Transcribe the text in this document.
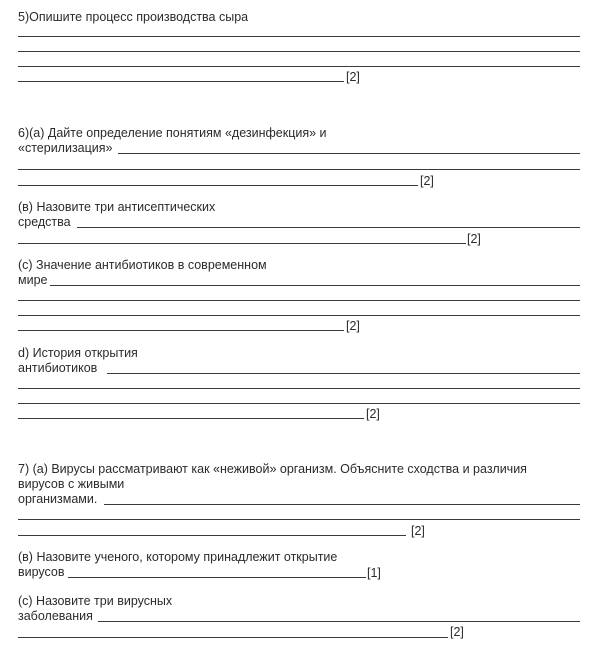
5)Опишите процесс производства сыра
[2]
6)(а) Дайте определение понятиям «дезинфекция» и
«стерилизация»
[2]
(в) Назовите три антисептических
средства
[2]
(с) Значение антибиотиков в современном
мире
[2]
d) История открытия
антибиотиков
[2]
7) (а) Вирусы рассматривают как «неживой» организм. Объясните сходства и различия
вирусов с живыми
организмами.
[2]
(в) Назовите ученого, которому принадлежит открытие
вирусов	[1]
(с) Назовите три вирусных
заболевания
[2]
